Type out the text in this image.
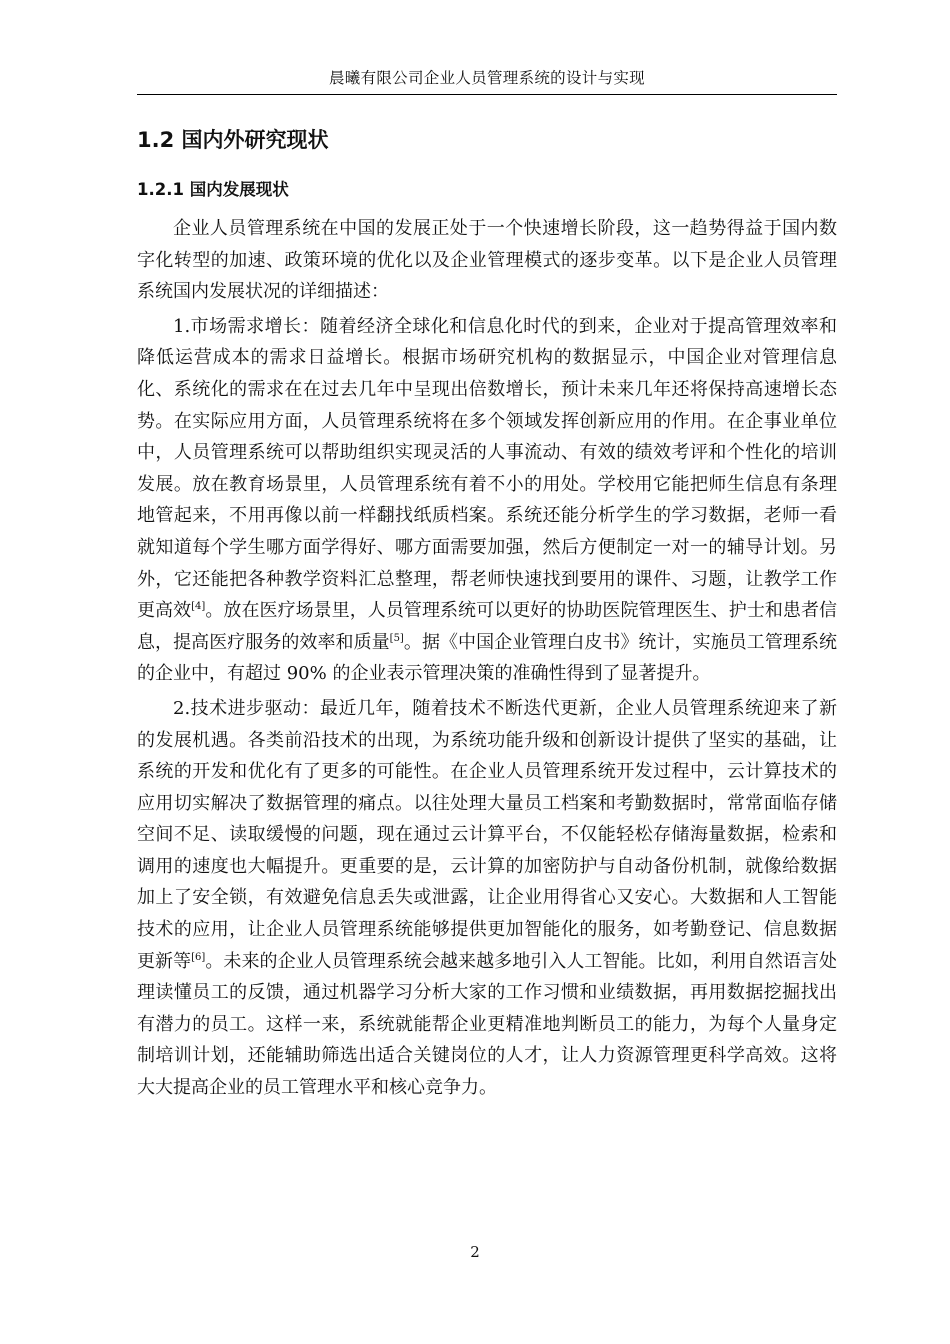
晨曦有限公司企业人员管理系统的设计与实现
1.2 国内外研究现状
1.2.1 国内发展现状

企业人员管理系统在中国的发展正处于一个快速增长阶段，这一趋势得益于国内数字化转型的加速、政策环境的优化以及企业管理模式的逐步变革。以下是企业人员管理系统国内发展状况的详细描述：

1.市场需求增长：随着经济全球化和信息化时代的到来，企业对于提高管理效率和降低运营成本的需求日益增长。根据市场研究机构的数据显示，中国企业对管理信息化、系统化的需求在在过去几年中呈现出倍数增长，预计未来几年还将保持高速增长态势。在实际应用方面，人员管理系统将在多个领域发挥创新应用的作用。在企事业单位中，人员管理系统可以帮助组织实现灵活的人事流动、有效的绩效考评和个性化的培训发展。放在教育场景里，人员管理系统有着不小的用处。学校用它能把师生信息有条理地管起来，不用再像以前一样翻找纸质档案。系统还能分析学生的学习数据，老师一看就知道每个学生哪方面学得好、哪方面需要加强，然后方便制定一对一的辅导计划。另外，它还能把各种教学资料汇总整理，帮老师快速找到要用的课件、习题，让教学工作更高效[4]。放在医疗场景里，人员管理系统可以更好的协助医院管理医生、护士和患者信息，提高医疗服务的效率和质量[5]。据《中国企业管理白皮书》统计，实施员工管理系统的企业中，有超过 90% 的企业表示管理决策的准确性得到了显著提升。

2.技术进步驱动：最近几年，随着技术不断迭代更新，企业人员管理系统迎来了新的发展机遇。各类前沿技术的出现，为系统功能升级和创新设计提供了坚实的基础，让系统的开发和优化有了更多的可能性。在企业人员管理系统开发过程中，云计算技术的应用切实解决了数据管理的痛点。以往处理大量员工档案和考勤数据时，常常面临存储空间不足、读取缓慢的问题，现在通过云计算平台，不仅能轻松存储海量数据，检索和调用的速度也大幅提升。更重要的是，云计算的加密防护与自动备份机制，就像给数据加上了安全锁，有效避免信息丢失或泄露，让企业用得省心又安心。大数据和人工智能技术的应用，让企业人员管理系统能够提供更加智能化的服务，如考勤登记、信息数据更新等[6]。未来的企业人员管理系统会越来越多地引入人工智能。比如，利用自然语言处理读懂员工的反馈，通过机器学习分析大家的工作习惯和业绩数据，再用数据挖掘找出有潜力的员工。这样一来，系统就能帮企业更精准地判断员工的能力，为每个人量身定制培训计划，还能辅助筛选出适合关键岗位的人才，让人力资源管理更科学高效。这将大大提高企业的员工管理水平和核心竞争力。

2
